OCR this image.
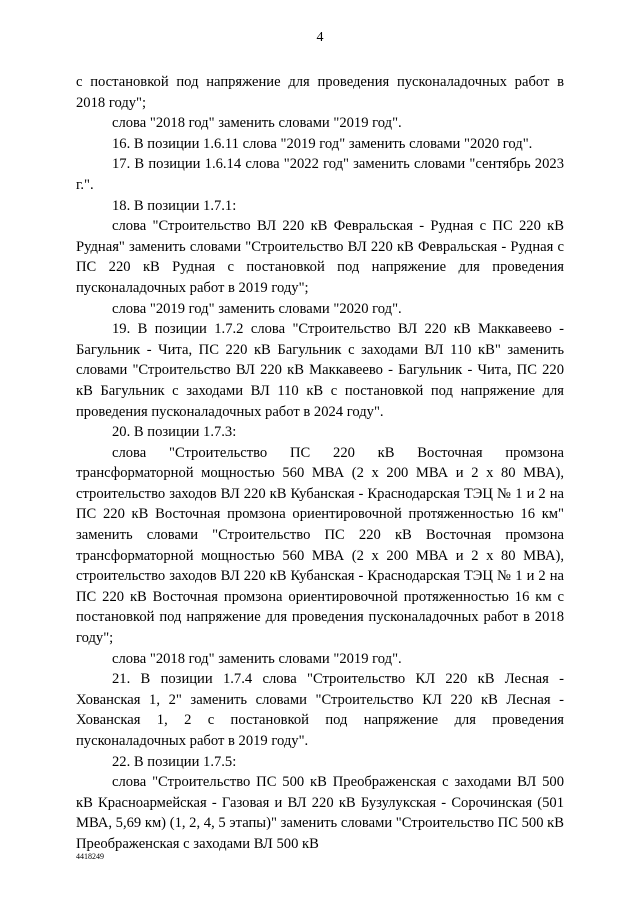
4

с постановкой под напряжение для проведения пусконаладочных работ в 2018 году";

слова "2018 год" заменить словами "2019 год".

16. В позиции 1.6.11 слова "2019 год" заменить словами "2020 год".

17. В позиции 1.6.14 слова "2022 год" заменить словами "сентябрь 2023 г.".

18. В позиции 1.7.1:

слова "Строительство ВЛ 220 кВ Февральская - Рудная с ПС 220 кВ Рудная" заменить словами "Строительство ВЛ 220 кВ Февральская - Рудная с ПС 220 кВ Рудная с постановкой под напряжение для проведения пусконаладочных работ в 2019 году";

слова "2019 год" заменить словами "2020 год".

19. В позиции 1.7.2 слова "Строительство ВЛ 220 кВ Маккавеево - Багульник - Чита, ПС 220 кВ Багульник с заходами ВЛ 110 кВ" заменить словами "Строительство ВЛ 220 кВ Маккавеево - Багульник - Чита, ПС 220 кВ Багульник с заходами ВЛ 110 кВ с постановкой под напряжение для проведения пусконаладочных работ в 2024 году".

20. В позиции 1.7.3:

слова "Строительство ПС 220 кВ Восточная промзона трансформаторной мощностью 560 МВА (2 х 200 МВА и 2 х 80 МВА), строительство заходов ВЛ 220 кВ Кубанская - Краснодарская ТЭЦ № 1 и 2 на ПС 220 кВ Восточная промзона ориентировочной протяженностью 16 км" заменить словами "Строительство ПС 220 кВ Восточная промзона трансформаторной мощностью 560 МВА (2 х 200 МВА и 2 х 80 МВА), строительство заходов ВЛ 220 кВ Кубанская - Краснодарская ТЭЦ № 1 и 2 на ПС 220 кВ Восточная промзона ориентировочной протяженностью 16 км с постановкой под напряжение для проведения пусконаладочных работ в 2018 году";

слова "2018 год" заменить словами "2019 год".

21. В позиции 1.7.4 слова "Строительство КЛ 220 кВ Лесная - Хованская 1, 2" заменить словами "Строительство КЛ 220 кВ Лесная - Хованская 1, 2 с постановкой под напряжение для проведения пусконаладочных работ в 2019 году".

22. В позиции 1.7.5:

слова "Строительство ПС 500 кВ Преображенская с заходами ВЛ 500 кВ Красноармейская - Газовая и ВЛ 220 кВ Бузулукская - Сорочинская (501 МВА, 5,69 км) (1, 2, 4, 5 этапы)" заменить словами "Строительство ПС 500 кВ Преображенская с заходами ВЛ 500 кВ

4418249
